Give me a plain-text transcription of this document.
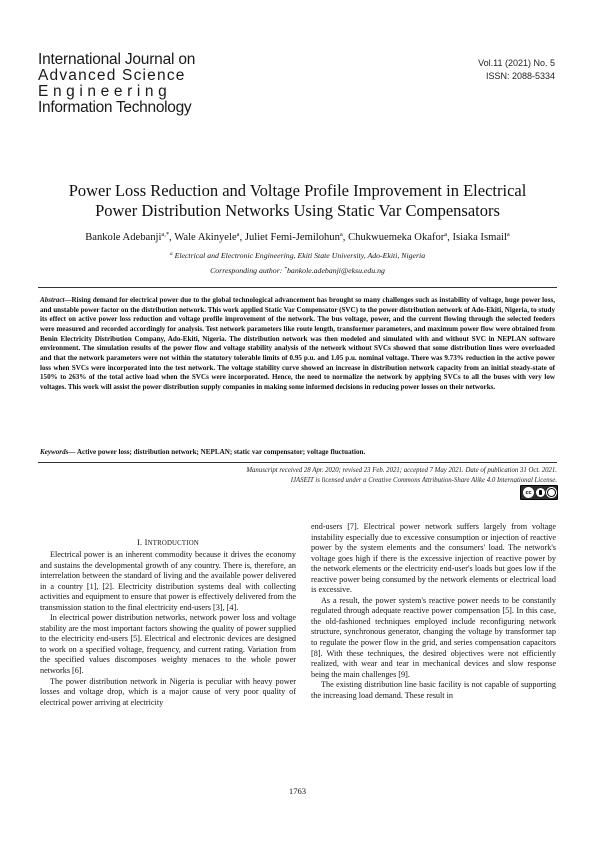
International Journal on
Advanced Science
Engineering
Information Technology
Vol.11 (2021) No. 5
ISSN: 2088-5334
Power Loss Reduction and Voltage Profile Improvement in Electrical
Power Distribution Networks Using Static Var Compensators
Bankole Adebanji$^{a,*}$, Wale Akinyele$^a$, Juliet Femi-Jemilohun$^a$, Chukwuemeka Okafor$^a$, Isiaka Ismail$^a$
$^a$ Electrical and Electronic Engineering, Ekiti State University, Ado-Ekiti, Nigeria
Corresponding author: *bankole.adebanji@eksu.edu.ng
Abstract—Rising demand for electrical power due to the global technological advancement has brought so many challenges such as instability of voltage, huge power loss, and unstable power factor on the distribution network. This work applied Static Var Compensator (SVC) to the power distribution network of Ado-Ekiti, Nigeria, to study its effect on active power loss reduction and voltage profile improvement of the network. The bus voltage, power, and the current flowing through the selected feeders were measured and recorded accordingly for analysis. Test network parameters like route length, transformer parameters, and maximum power flow were obtained from Benin Electricity Distribution Company, Ado-Ekiti, Nigeria. The distribution network was then modeled and simulated with and without SVC in NEPLAN software environment. The simulation results of the power flow and voltage stability analysis of the network without SVCs showed that some distribution lines were overloaded and that the network parameters were not within the statutory tolerable limits of 0.95 p.u. and 1.05 p.u. nominal voltage. There was 9.73% reduction in the active power loss when SVCs were incorporated into the test network. The voltage stability curve showed an increase in distribution network capacity from an initial steady-state of 150% to 263% of the total active load when the SVCs were incorporated. Hence, the need to normalize the network by applying SVCs to all the buses with very low voltages. This work will assist the power distribution supply companies in making some informed decisions in reducing power losses on their networks.
Keywords— Active power loss; distribution network; NEPLAN; static var compensator; voltage fluctuation.
Manuscript received 28 Apr. 2020; revised 23 Feb. 2021; accepted 7 May 2021. Date of publication 31 Oct. 2021.
IJASEIT is licensed under a Creative Commons Attribution-Share Alike 4.0 International License.
cc
I. INTRODUCTION

Electrical power is an inherent commodity because it drives the economy and sustains the developmental growth of any country. There is, therefore, an interrelation between the standard of living and the available power delivered in a country [1], [2]. Electricity distribution systems deal with collecting activities and equipment to ensure that power is effectively delivered from the transmission station to the final electricity end-users [3], [4].

In electrical power distribution networks, network power loss and voltage stability are the most important factors showing the quality of power supplied to the electricity end-users [5]. Electrical and electronic devices are designed to work on a specified voltage, frequency, and current rating. Variation from the specified values discomposes weighty menaces to the whole power networks [6].

The power distribution network in Nigeria is peculiar with heavy power losses and voltage drop, which is a major cause of very poor quality of electrical power arriving at electricity

end-users [7]. Electrical power network suffers largely from voltage instability especially due to excessive consumption or injection of reactive power by the system elements and the consumers' load. The network's voltage goes high if there is the excessive injection of reactive power by the network elements or the electricity end-user's loads but goes low if the reactive power being consumed by the network elements or electrical load is excessive.

As a result, the power system's reactive power needs to be constantly regulated through adequate reactive power compensation [5]. In this case, the old-fashioned techniques employed include reconfiguring network structure, synchronous generator, changing the voltage by transformer tap to regulate the power flow in the grid, and series compensation capacitors [8]. With these techniques, the desired objectives were not efficiently realized, with wear and tear in mechanical devices and slow response being the main challenges [9].

The existing distribution line basic facility is not capable of supporting the increasing load demand. These result in

1763
